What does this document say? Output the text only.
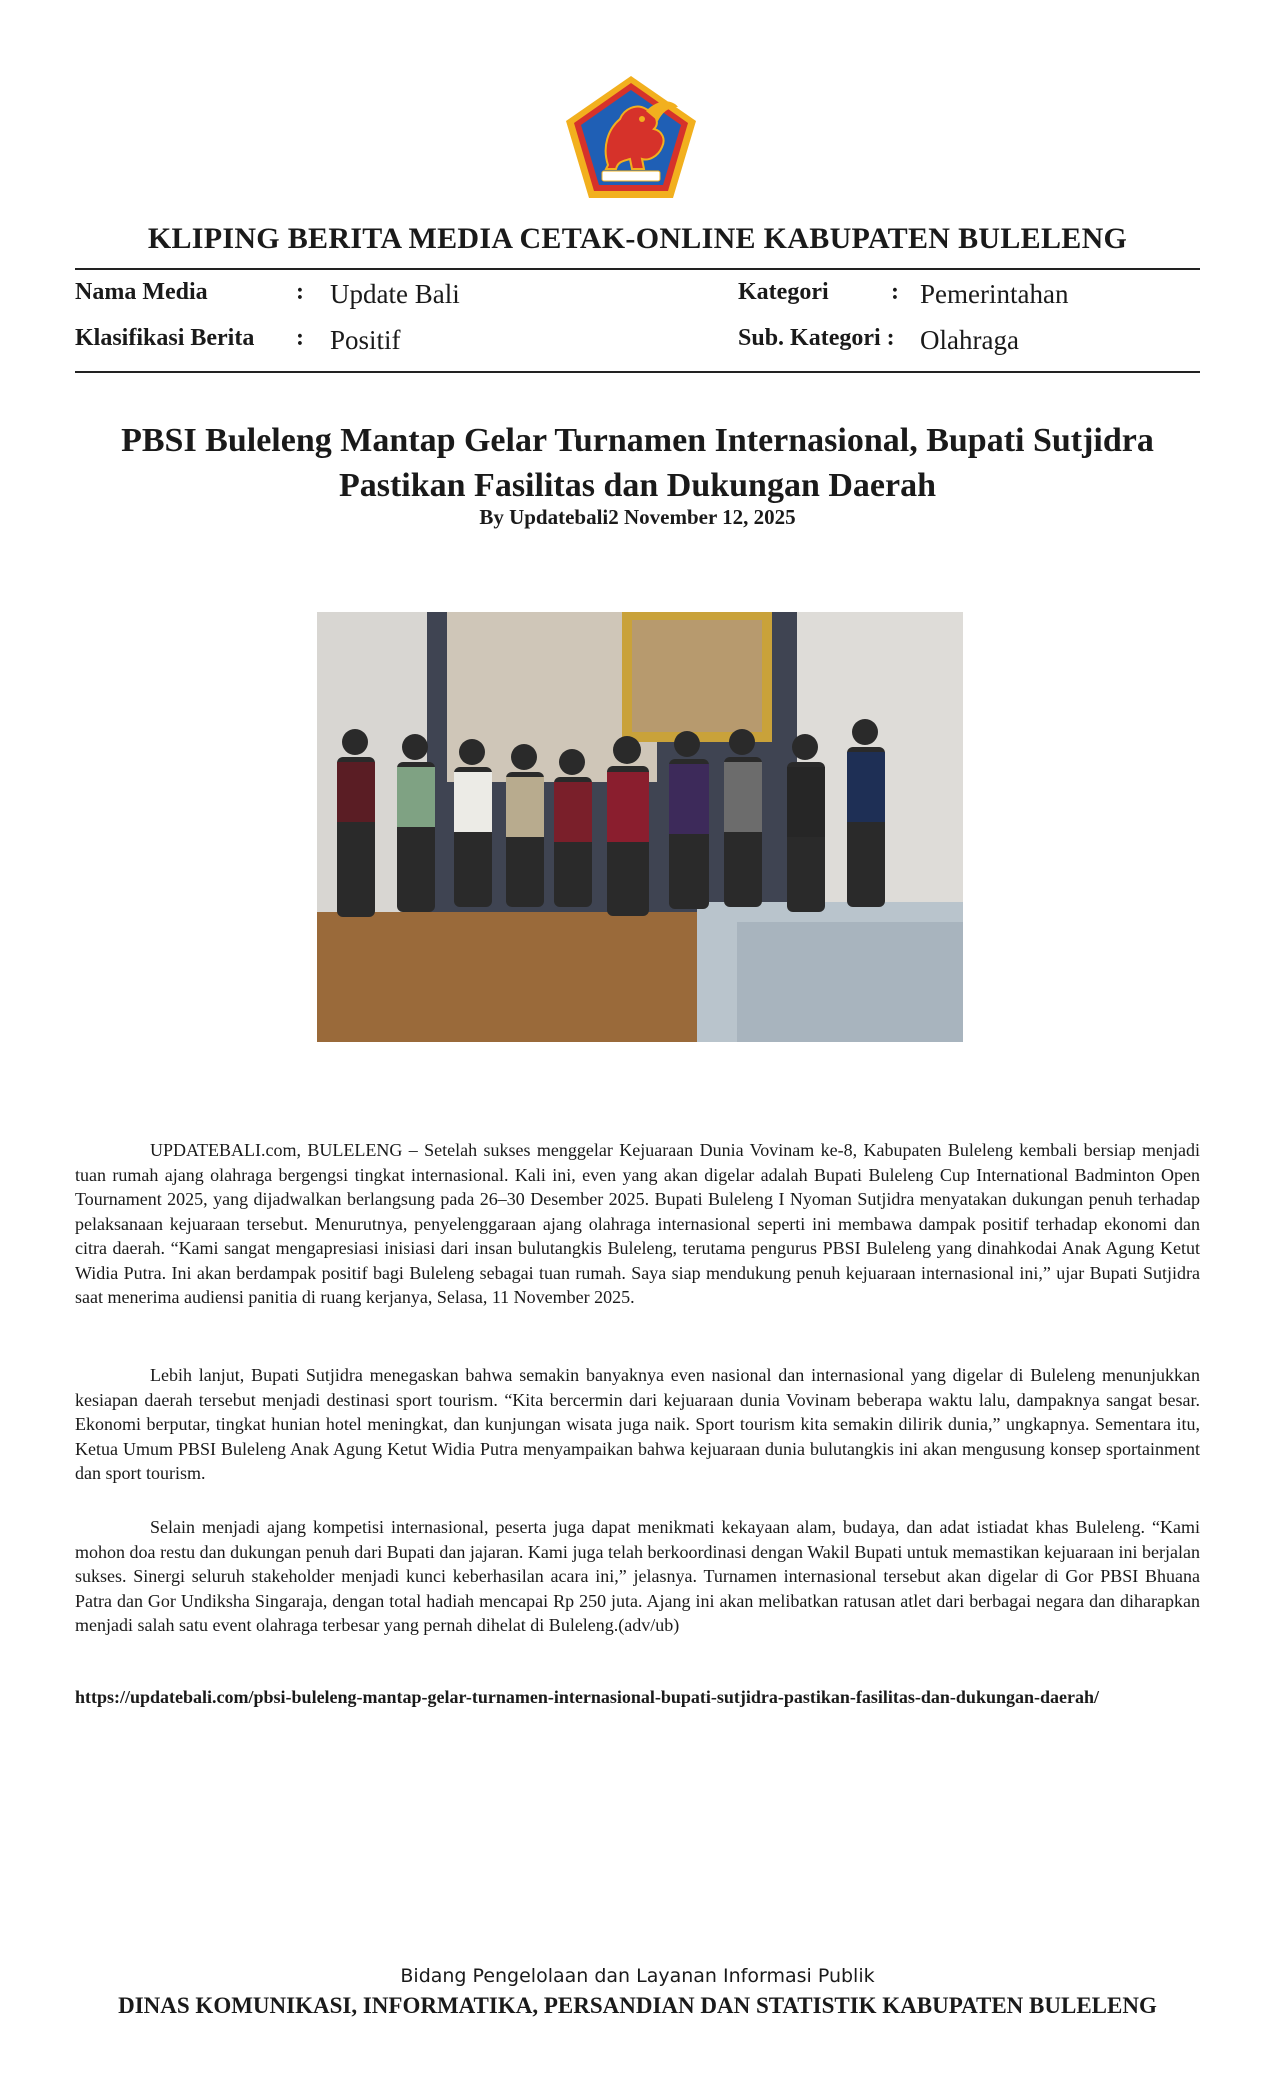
KLIPING BERITA MEDIA CETAK-ONLINE KABUPATEN BULELENG
Nama Media	: Update Bali
Klasifikasi Berita : Positif
Kategori	: Pemerintahan
Sub. Kategori : Olahraga
PBSI Buleleng Mantap Gelar Turnamen Internasional, Bupati Sutjidra Pastikan Fasilitas dan Dukungan Daerah
By Updatebali2 November 12, 2025

UPDATEBALI.com, BULELENG – Setelah sukses menggelar Kejuaraan Dunia Vovinam ke-8, Kabupaten Buleleng kembali bersiap menjadi tuan rumah ajang olahraga bergengsi tingkat internasional. Kali ini, even yang akan digelar adalah Bupati Buleleng Cup International Badminton Open Tournament 2025, yang dijadwalkan berlangsung pada 26–30 Desember 2025. Bupati Buleleng I Nyoman Sutjidra menyatakan dukungan penuh terhadap pelaksanaan kejuaraan tersebut. Menurutnya, penyelenggaraan ajang olahraga internasional seperti ini membawa dampak positif terhadap ekonomi dan citra daerah. “Kami sangat mengapresiasi inisiasi dari insan bulutangkis Buleleng, terutama pengurus PBSI Buleleng yang dinahkodai Anak Agung Ketut Widia Putra. Ini akan berdampak positif bagi Buleleng sebagai tuan rumah. Saya siap mendukung penuh kejuaraan internasional ini,” ujar Bupati Sutjidra saat menerima audiensi panitia di ruang kerjanya, Selasa, 11 November 2025.

Lebih lanjut, Bupati Sutjidra menegaskan bahwa semakin banyaknya even nasional dan internasional yang digelar di Buleleng menunjukkan kesiapan daerah tersebut menjadi destinasi sport tourism. “Kita bercermin dari kejuaraan dunia Vovinam beberapa waktu lalu, dampaknya sangat besar. Ekonomi berputar, tingkat hunian hotel meningkat, dan kunjungan wisata juga naik. Sport tourism kita semakin dilirik dunia,” ungkapnya. Sementara itu, Ketua Umum PBSI Buleleng Anak Agung Ketut Widia Putra menyampaikan bahwa kejuaraan dunia bulutangkis ini akan mengusung konsep sportainment dan sport tourism.

Selain menjadi ajang kompetisi internasional, peserta juga dapat menikmati kekayaan alam, budaya, dan adat istiadat khas Buleleng. “Kami mohon doa restu dan dukungan penuh dari Bupati dan jajaran. Kami juga telah berkoordinasi dengan Wakil Bupati untuk memastikan kejuaraan ini berjalan sukses. Sinergi seluruh stakeholder menjadi kunci keberhasilan acara ini,” jelasnya. Turnamen internasional tersebut akan digelar di Gor PBSI Bhuana Patra dan Gor Undiksha Singaraja, dengan total hadiah mencapai Rp 250 juta. Ajang ini akan melibatkan ratusan atlet dari berbagai negara dan diharapkan menjadi salah satu event olahraga terbesar yang pernah dihelat di Buleleng.(adv/ub)

https://updatebali.com/pbsi-buleleng-mantap-gelar-turnamen-internasional-bupati-sutjidra-pastikan-fasilitas-dan-dukungan-daerah/

Bidang Pengelolaan dan Layanan Informasi Publik
DINAS KOMUNIKASI, INFORMATIKA, PERSANDIAN DAN STATISTIK KABUPATEN BULELENG
